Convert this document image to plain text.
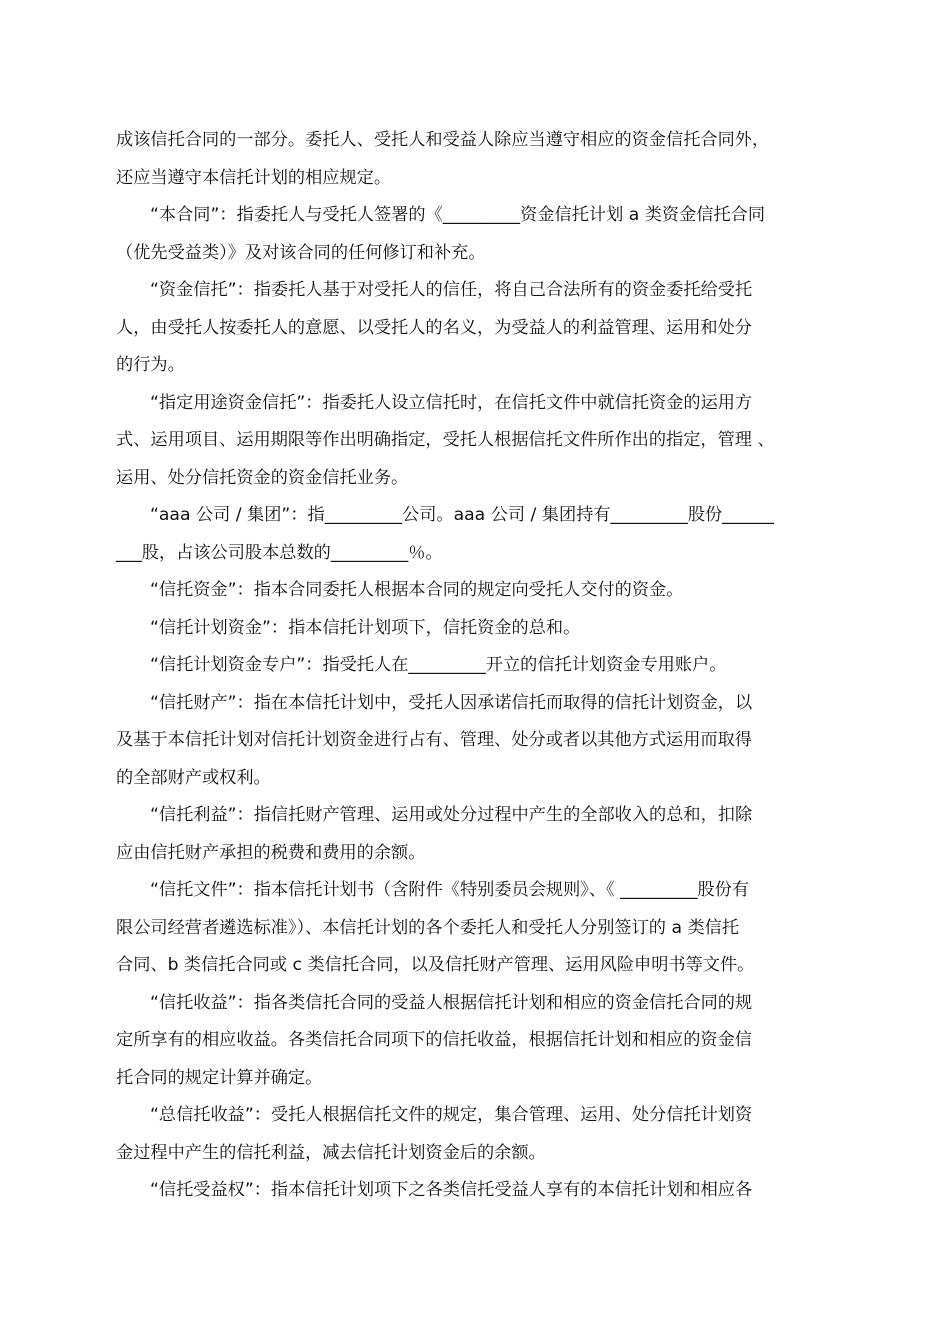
成该信托合同的一部分。委托人、受托人和受益人除应当遵守相应的资金信托合同外，
还应当遵守本信托计划的相应规定。
“本合同”：指委托人与受托人签署的《_________资金信托计划 a 类资金信托合同
（优先受益类）》及对该合同的任何修订和补充。
“资金信托”：指委托人基于对受托人的信任，将自己合法所有的资金委托给受托
人，由受托人按委托人的意愿、以受托人的名义，为受益人的利益管理、运用和处分
的行为。
“指定用途资金信托”：指委托人设立信托时，在信托文件中就信托资金的运用方
式、运用项目、运用期限等作出明确指定，受托人根据信托文件所作出的指定，管理 、
运用、处分信托资金的资金信托业务。
“aaa 公司 / 集团”：指_________公司。aaa 公司 / 集团持有_________股份______
___股，占该公司股本总数的_________％。
“信托资金”：指本合同委托人根据本合同的规定向受托人交付的资金。
“信托计划资金”：指本信托计划项下，信托资金的总和。
“信托计划资金专户”：指受托人在_________开立的信托计划资金专用账户。
“信托财产”：指在本信托计划中，受托人因承诺信托而取得的信托计划资金，以
及基于本信托计划对信托计划资金进行占有、管理、处分或者以其他方式运用而取得
的全部财产或权利。
“信托利益”：指信托财产管理、运用或处分过程中产生的全部收入的总和，扣除
应由信托财产承担的税费和费用的余额。
“信托文件”：指本信托计划书（含附件《特别委员会规则》、《 _________股份有
限公司经营者遴选标准》）、本信托计划的各个委托人和受托人分别签订的 a 类信托
合同、b 类信托合同或 c 类信托合同，以及信托财产管理、运用风险申明书等文件。
“信托收益”：指各类信托合同的受益人根据信托计划和相应的资金信托合同的规
定所享有的相应收益。各类信托合同项下的信托收益，根据信托计划和相应的资金信
托合同的规定计算并确定。
“总信托收益”：受托人根据信托文件的规定，集合管理、运用、处分信托计划资
金过程中产生的信托利益，减去信托计划资金后的余额。
“信托受益权”：指本信托计划项下之各类信托受益人享有的本信托计划和相应各
